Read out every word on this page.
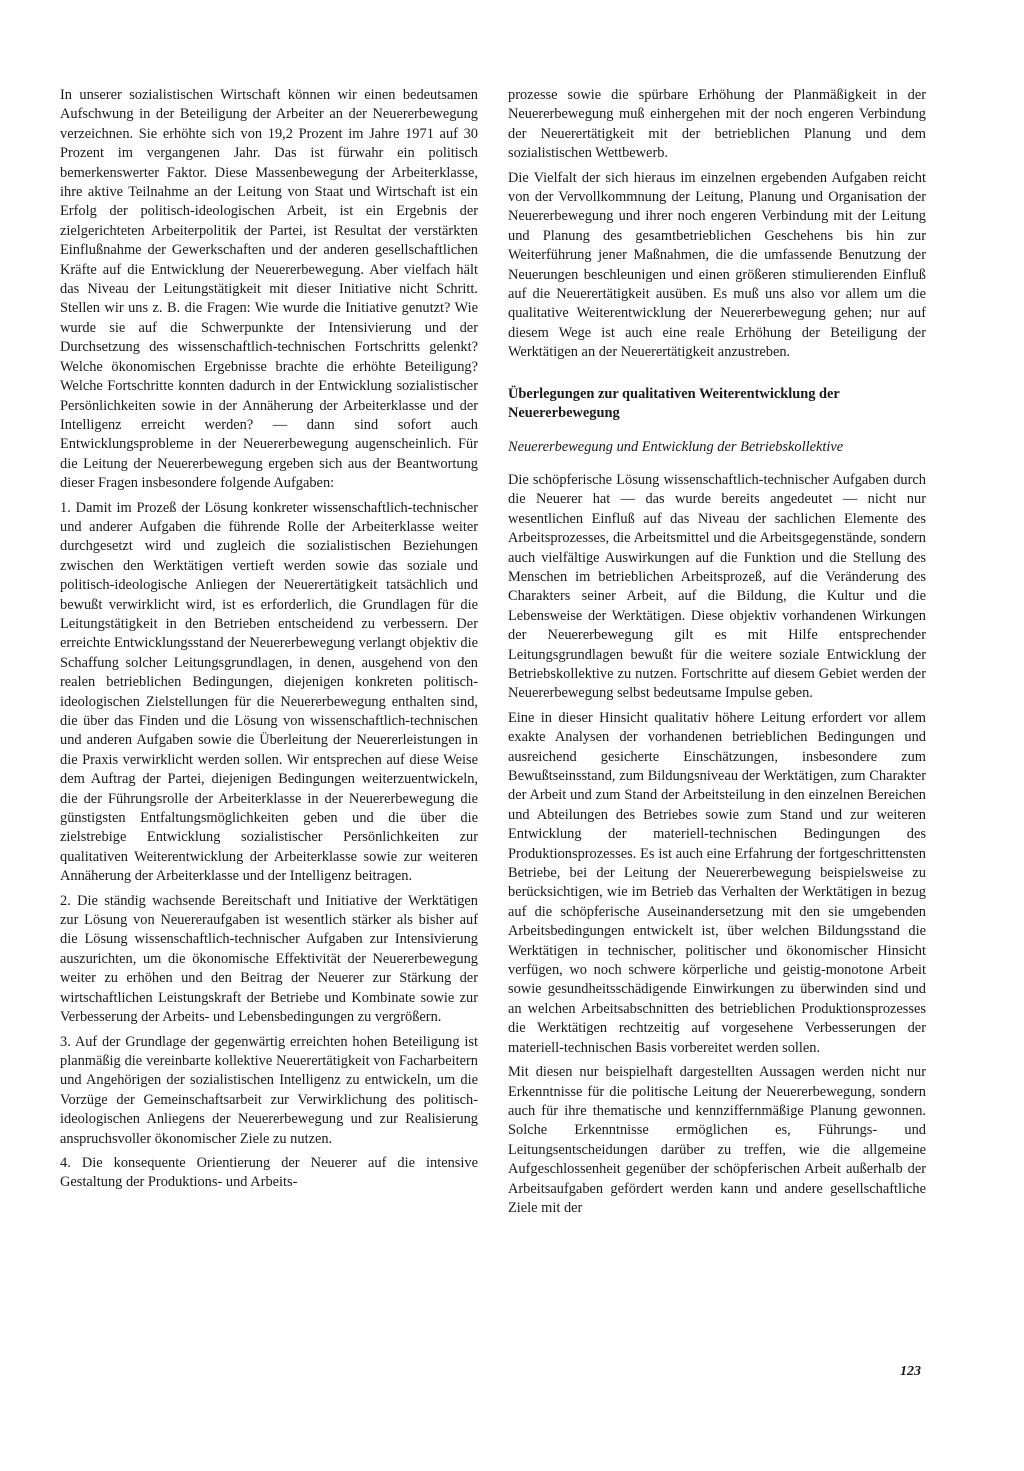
In unserer sozialistischen Wirtschaft können wir einen bedeutsamen Aufschwung in der Beteiligung der Arbeiter an der Neuererbewegung verzeichnen. Sie erhöhte sich von 19,2 Prozent im Jahre 1971 auf 30 Prozent im vergangenen Jahr. Das ist fürwahr ein politisch bemerkenswerter Faktor. Diese Massenbewegung der Arbeiterklasse, ihre aktive Teilnahme an der Leitung von Staat und Wirtschaft ist ein Erfolg der politisch-ideologischen Arbeit, ist ein Ergebnis der zielgerichteten Arbeiterpolitik der Partei, ist Resultat der verstärkten Einflußnahme der Gewerkschaften und der anderen gesellschaftlichen Kräfte auf die Entwicklung der Neuererbewegung. Aber vielfach hält das Niveau der Leitungstätigkeit mit dieser Initiative nicht Schritt. Stellen wir uns z. B. die Fragen: Wie wurde die Initiative genutzt? Wie wurde sie auf die Schwerpunkte der Intensivierung und der Durchsetzung des wissenschaftlich-technischen Fortschritts gelenkt? Welche ökonomischen Ergebnisse brachte die erhöhte Beteiligung? Welche Fortschritte konnten dadurch in der Entwicklung sozialistischer Persönlichkeiten sowie in der Annäherung der Arbeiterklasse und der Intelligenz erreicht werden? — dann sind sofort auch Entwicklungsprobleme in der Neuererbewegung augenscheinlich. Für die Leitung der Neuererbewegung ergeben sich aus der Beantwortung dieser Fragen insbesondere folgende Aufgaben:

1. Damit im Prozeß der Lösung konkreter wissenschaftlich-technischer und anderer Aufgaben die führende Rolle der Arbeiterklasse weiter durchgesetzt wird und zugleich die sozialistischen Beziehungen zwischen den Werktätigen vertieft werden sowie das soziale und politisch-ideologische Anliegen der Neuerertätigkeit tatsächlich und bewußt verwirklicht wird, ist es erforderlich, die Grundlagen für die Leitungstätigkeit in den Betrieben entscheidend zu verbessern. Der erreichte Entwicklungsstand der Neuererbewegung verlangt objektiv die Schaffung solcher Leitungsgrundlagen, in denen, ausgehend von den realen betrieblichen Bedingungen, diejenigen konkreten politisch-ideologischen Zielstellungen für die Neuererbewegung enthalten sind, die über das Finden und die Lösung von wissenschaftlich-technischen und anderen Aufgaben sowie die Überleitung der Neuererleistungen in die Praxis verwirklicht werden sollen. Wir entsprechen auf diese Weise dem Auftrag der Partei, diejenigen Bedingungen weiterzuentwickeln, die der Führungsrolle der Arbeiterklasse in der Neuererbewegung die günstigsten Entfaltungsmöglichkeiten geben und die über die zielstrebige Entwicklung sozialistischer Persönlichkeiten zur qualitativen Weiterentwicklung der Arbeiterklasse sowie zur weiteren Annäherung der Arbeiterklasse und der Intelligenz beitragen.

2. Die ständig wachsende Bereitschaft und Initiative der Werktätigen zur Lösung von Neuereraufgaben ist wesentlich stärker als bisher auf die Lösung wissenschaftlich-technischer Aufgaben zur Intensivierung auszurichten, um die ökonomische Effektivität der Neuererbewegung weiter zu erhöhen und den Beitrag der Neuerer zur Stärkung der wirtschaftlichen Leistungskraft der Betriebe und Kombinate sowie zur Verbesserung der Arbeits- und Lebensbedingungen zu vergrößern.

3. Auf der Grundlage der gegenwärtig erreichten hohen Beteiligung ist planmäßig die vereinbarte kollektive Neuerertätigkeit von Facharbeitern und Angehörigen der sozialistischen Intelligenz zu entwickeln, um die Vorzüge der Gemeinschaftsarbeit zur Verwirklichung des politisch-ideologischen Anliegens der Neuererbewegung und zur Realisierung anspruchsvoller ökonomischer Ziele zu nutzen.

4. Die konsequente Orientierung der Neuerer auf die intensive Gestaltung der Produktions- und Arbeits-

prozesse sowie die spürbare Erhöhung der Planmäßigkeit in der Neuererbewegung muß einhergehen mit der noch engeren Verbindung der Neuerertätigkeit mit der betrieblichen Planung und dem sozialistischen Wettbewerb.

Die Vielfalt der sich hieraus im einzelnen ergebenden Aufgaben reicht von der Vervollkommnung der Leitung, Planung und Organisation der Neuererbewegung und ihrer noch engeren Verbindung mit der Leitung und Planung des gesamtbetrieblichen Geschehens bis hin zur Weiterführung jener Maßnahmen, die die umfassende Benutzung der Neuerungen beschleunigen und einen größeren stimulierenden Einfluß auf die Neuerertätigkeit ausüben. Es muß uns also vor allem um die qualitative Weiterentwicklung der Neuererbewegung gehen; nur auf diesem Wege ist auch eine reale Erhöhung der Beteiligung der Werktätigen an der Neuerertätigkeit anzustreben.

Überlegungen zur qualitativen Weiterentwicklung der Neuererbewegung

Neuererbewegung und Entwicklung der Betriebskollektive

Die schöpferische Lösung wissenschaftlich-technischer Aufgaben durch die Neuerer hat — das wurde bereits angedeutet — nicht nur wesentlichen Einfluß auf das Niveau der sachlichen Elemente des Arbeitsprozesses, die Arbeitsmittel und die Arbeitsgegenstände, sondern auch vielfältige Auswirkungen auf die Funktion und die Stellung des Menschen im betrieblichen Arbeitsprozeß, auf die Veränderung des Charakters seiner Arbeit, auf die Bildung, die Kultur und die Lebensweise der Werktätigen. Diese objektiv vorhandenen Wirkungen der Neuererbewegung gilt es mit Hilfe entsprechender Leitungsgrundlagen bewußt für die weitere soziale Entwicklung der Betriebskollektive zu nutzen. Fortschritte auf diesem Gebiet werden der Neuererbewegung selbst bedeutsame Impulse geben.

Eine in dieser Hinsicht qualitativ höhere Leitung erfordert vor allem exakte Analysen der vorhandenen betrieblichen Bedingungen und ausreichend gesicherte Einschätzungen, insbesondere zum Bewußtseinsstand, zum Bildungsniveau der Werktätigen, zum Charakter der Arbeit und zum Stand der Arbeitsteilung in den einzelnen Bereichen und Abteilungen des Betriebes sowie zum Stand und zur weiteren Entwicklung der materiell-technischen Bedingungen des Produktionsprozesses. Es ist auch eine Erfahrung der fortgeschrittensten Betriebe, bei der Leitung der Neuererbewegung beispielsweise zu berücksichtigen, wie im Betrieb das Verhalten der Werktätigen in bezug auf die schöpferische Auseinandersetzung mit den sie umgebenden Arbeitsbedingungen entwickelt ist, über welchen Bildungsstand die Werktätigen in technischer, politischer und ökonomischer Hinsicht verfügen, wo noch schwere körperliche und geistig-monotone Arbeit sowie gesundheitsschädigende Einwirkungen zu überwinden sind und an welchen Arbeitsabschnitten des betrieblichen Produktionsprozesses die Werktätigen rechtzeitig auf vorgesehene Verbesserungen der materiell-technischen Basis vorbereitet werden sollen.

Mit diesen nur beispielhaft dargestellten Aussagen werden nicht nur Erkenntnisse für die politische Leitung der Neuererbewegung, sondern auch für ihre thematische und kennziffernmäßige Planung gewonnen. Solche Erkenntnisse ermöglichen es, Führungs- und Leitungsentscheidungen darüber zu treffen, wie die allgemeine Aufgeschlossenheit gegenüber der schöpferischen Arbeit außerhalb der Arbeitsaufgaben gefördert werden kann und andere gesellschaftliche Ziele mit der

123
